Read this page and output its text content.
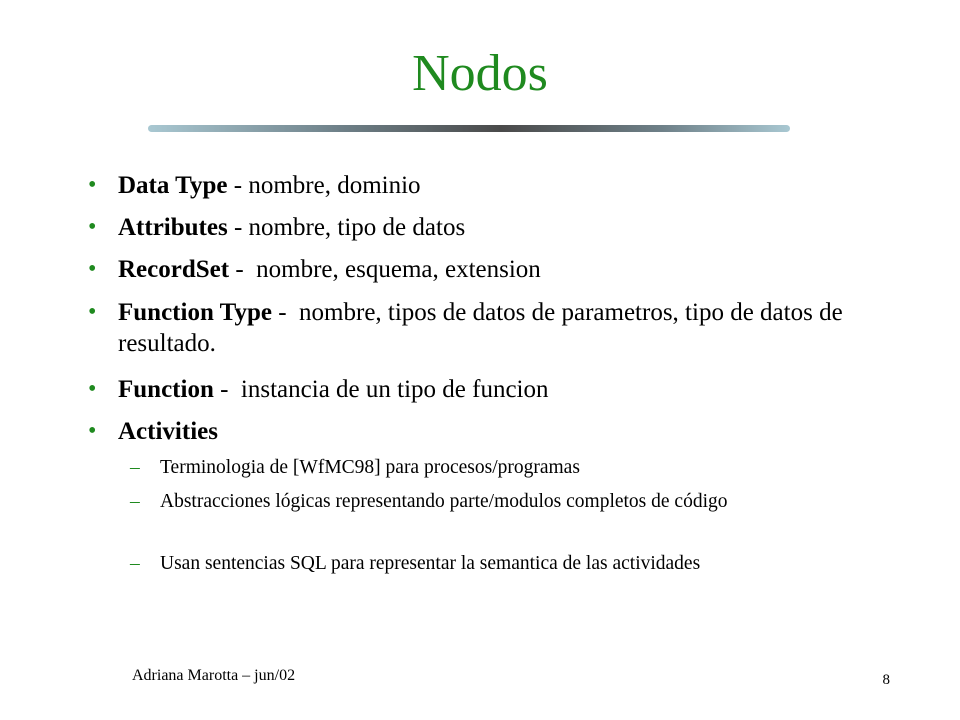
Nodos
• Data Type - nombre, dominio
• Attributes - nombre, tipo de datos
• RecordSet -  nombre, esquema, extension
• Function Type -  nombre, tipos de datos de parametros, tipo de datos de resultado.
• Function -  instancia de un tipo de funcion
• Activities
–	Terminologia de [WfMC98] para procesos/programas
–	Abstracciones lógicas representando parte/modulos completos de código
–	Usan sentencias SQL para representar la semantica de las actividades
Adriana Marotta – jun/02	8
